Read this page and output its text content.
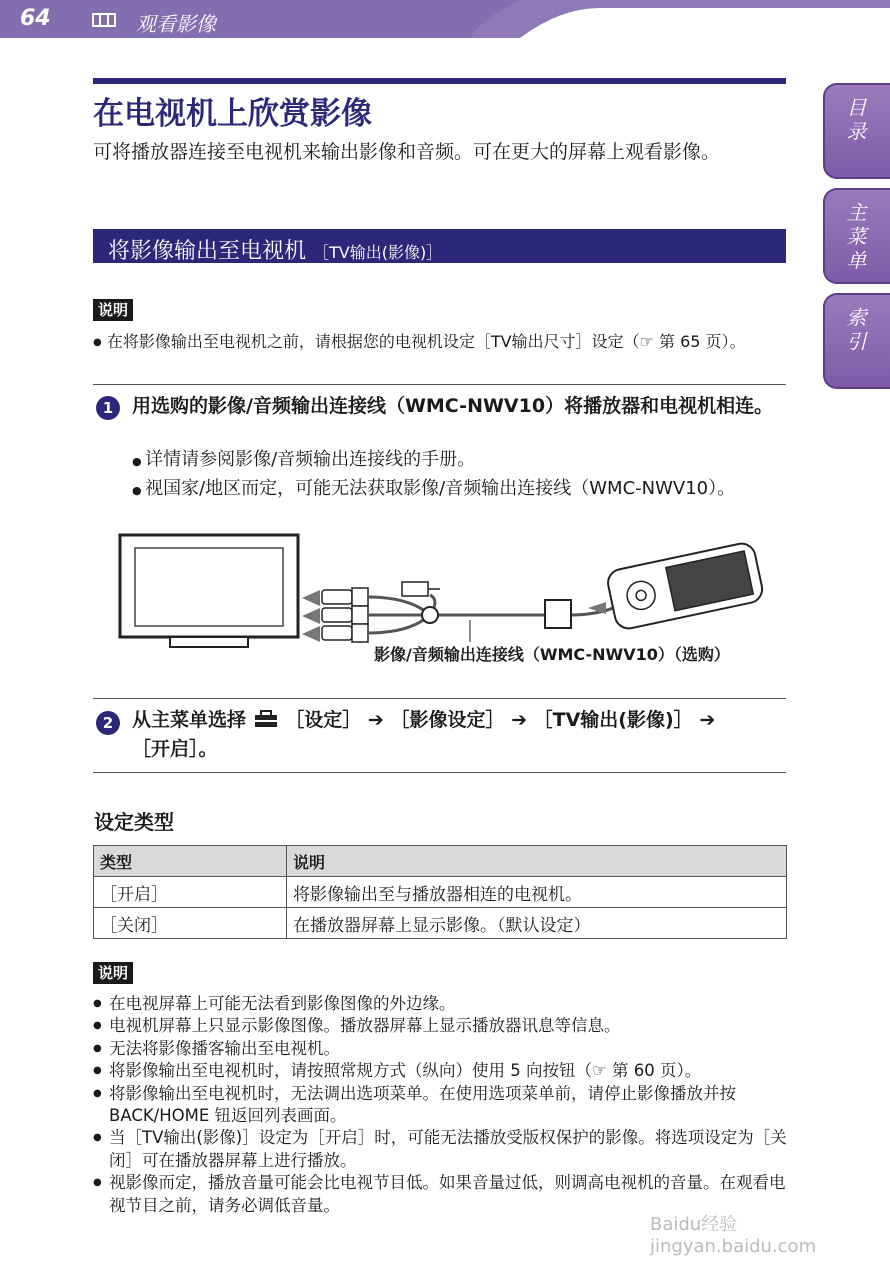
64	观看影像
目录
主菜单
索引
在电视机上欣赏影像
可将播放器连接至电视机来输出影像和音频。可在更大的屏幕上观看影像。
将影像输出至电视机 ［TV输出(影像)］
说明
● 在将影像输出至电视机之前，请根据您的电视机设定［TV输出尺寸］设定（☞ 第 65 页）。
1 用选购的影像/音频输出连接线（WMC-NWV10）将播放器和电视机相连。
● 详情请参阅影像/音频输出连接线的手册。
● 视国家/地区而定，可能无法获取影像/音频输出连接线（WMC-NWV10）。
影像/音频输出连接线（WMC-NWV10）（选购）
2 从主菜单选择 ［设定］ ➔ ［影像设定］ ➔ ［TV输出(影像)］ ➔
［开启］。
设定类型
类型	说明
［开启］	将影像输出至与播放器相连的电视机。
［关闭］	在播放器屏幕上显示影像。（默认设定）
说明
● 在电视屏幕上可能无法看到影像图像的外边缘。
● 电视机屏幕上只显示影像图像。播放器屏幕上显示播放器讯息等信息。
● 无法将影像播客输出至电视机。
● 将影像输出至电视机时，请按照常规方式（纵向）使用 5 向按钮（☞ 第 60 页）。
● 将影像输出至电视机时，无法调出选项菜单。在使用选项菜单前，请停止影像播放并按 BACK/HOME 钮返回列表画面。
● 当［TV输出(影像)］设定为［开启］时，可能无法播放受版权保护的影像。将选项设定为［关闭］可在播放器屏幕上进行播放。
● 视影像而定，播放音量可能会比电视节目低。如果音量过低，则调高电视机的音量。在观看电视节目之前，请务必调低音量。
Baidu经验 jingyan.baidu.com
